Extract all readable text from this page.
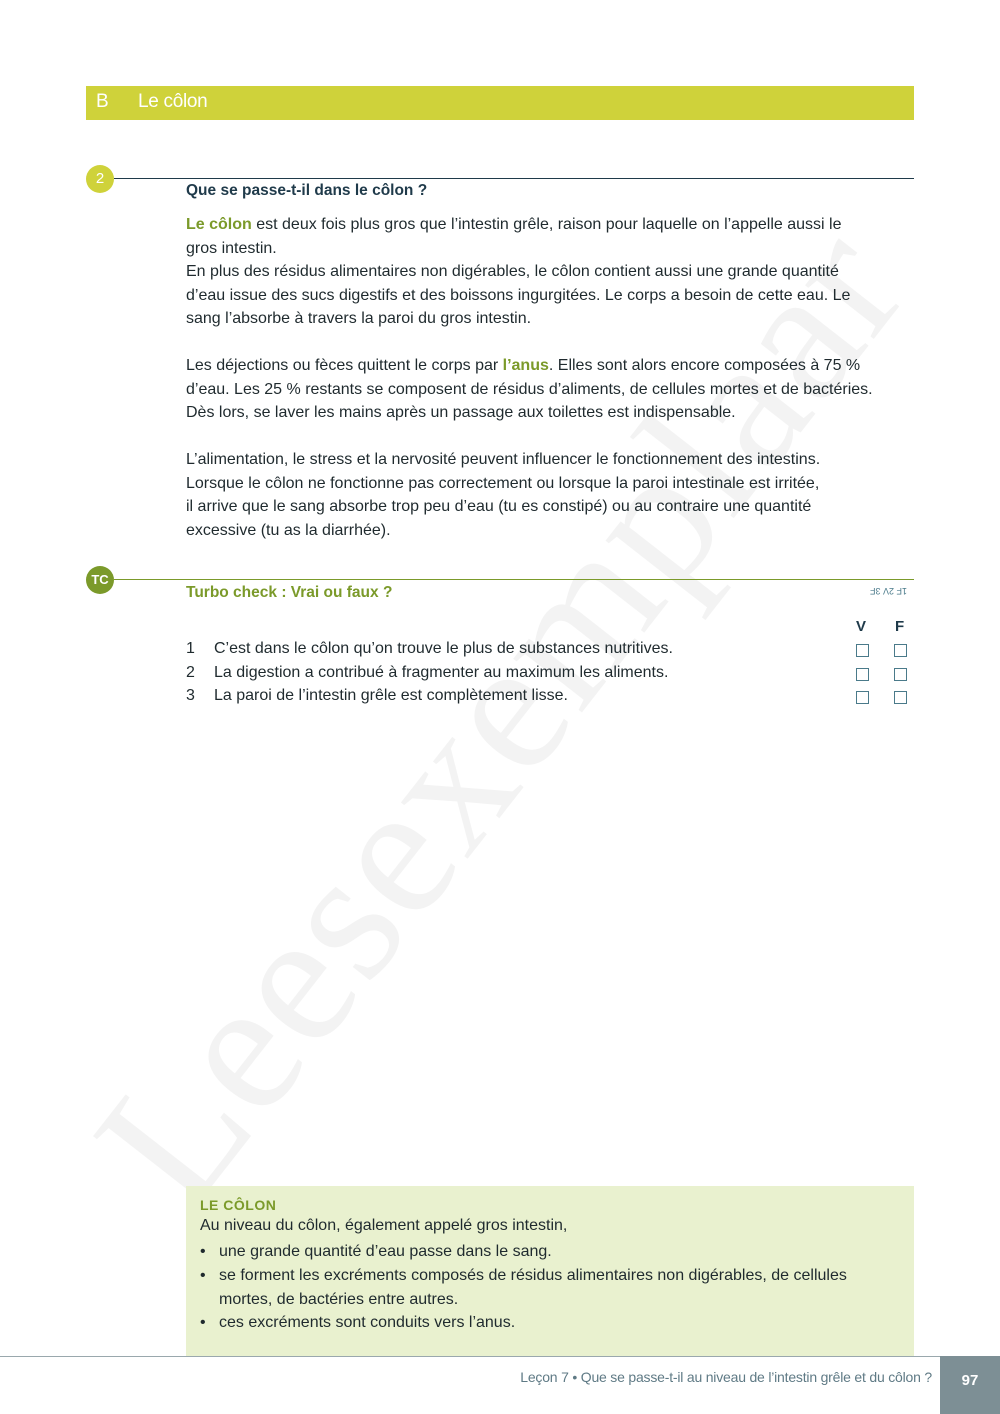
B Le côlon
2
Que se passe-t-il dans le côlon ?
Le côlon est deux fois plus gros que l’intestin grêle, raison pour laquelle on l’appelle aussi le
gros intestin.
En plus des résidus alimentaires non digérables, le côlon contient aussi une grande quantité
d’eau issue des sucs digestifs et des boissons ingurgitées. Le corps a besoin de cette eau. Le
sang l’absorbe à travers la paroi du gros intestin.
Les déjections ou fèces quittent le corps par l’anus. Elles sont alors encore composées à 75 %
d’eau. Les 25 % restants se composent de résidus d’aliments, de cellules mortes et de bactéries.
Dès lors, se laver les mains après un passage aux toilettes est indispensable.
L’alimentation, le stress et la nervosité peuvent influencer le fonctionnement des intestins.
Lorsque le côlon ne fonctionne pas correctement ou lorsque la paroi intestinale est irritée,
il arrive que le sang absorbe trop peu d’eau (tu es constipé) ou au contraire une quantité
excessive (tu as la diarrhée).
TC
Turbo check : Vrai ou faux ?	1F 2V 3F
V F
1 C’est dans le côlon qu’on trouve le plus de substances nutritives.
2 La digestion a contribué à fragmenter au maximum les aliments.
3 La paroi de l’intestin grêle est complètement lisse.
LE CÔLON
Au niveau du côlon, également appelé gros intestin,
• une grande quantité d’eau passe dans le sang.
• se forment les excréments composés de résidus alimentaires non digérables, de cellules
mortes, de bactéries entre autres.
• ces excréments sont conduits vers l’anus.
Leçon 7 • Que se passe-t-il au niveau de l’intestin grêle et du côlon ?	97
